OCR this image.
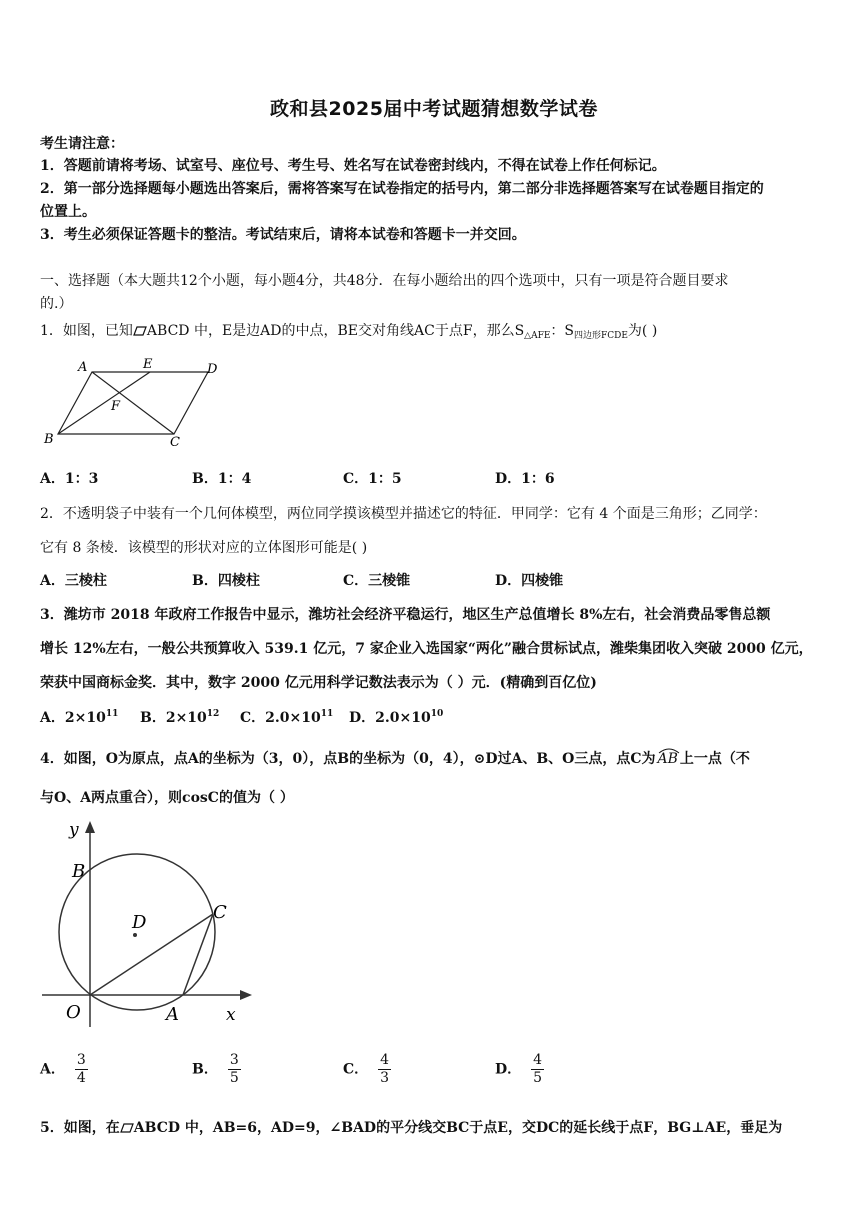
政和县2025届中考试题猜想数学试卷
考生请注意：
1．答题前请将考场、试室号、座位号、考生号、姓名写在试卷密封线内，不得在试卷上作任何标记。
2．第一部分选择题每小题选出答案后，需将答案写在试卷指定的括号内，第二部分非选择题答案写在试卷题目指定的
位置上。
3．考生必须保证答题卡的整洁。考试结束后，请将本试卷和答题卡一并交回。
一、选择题（本大题共12个小题，每小题4分，共48分．在每小题给出的四个选项中，只有一项是符合题目要求
的.）
1．如图，已知 ABCD 中，E是边AD的中点，BE交对角线AC于点F，那么$S_{\triangle AFE}$：$S_{四边形FCDE}$为( )
A	E	D
F
B	C
A．1：3	B．1：4	C．1：5	D．1：6
2．不透明袋子中装有一个几何体模型，两位同学摸该模型并描述它的特征．甲同学：它有 4 个面是三角形；乙同学：
它有 8 条棱．该模型的形状对应的立体图形可能是( )
A．三棱柱	B．四棱柱	C．三棱锥	D．四棱锥
3．潍坊市 2018 年政府工作报告中显示，潍坊社会经济平稳运行，地区生产总值增长 8%左右，社会消费品零售总额
增长 12%左右，一般公共预算收入 539.1 亿元，7 家企业入选国家“两化”融合贯标试点，潍柴集团收入突破 2000 亿元，
荣获中国商标金奖．其中，数字 2000 亿元用科学记数法表示为（ ）元．(精确到百亿位)
A．$2\times 10^{11}$ B．$2\times 10^{12}$ C．$2.0\times 10^{11}$ D．$2.0\times 10^{10}$
4．如图，O为原点，点A的坐标为（3，0），点B的坐标为（0，4），⊙D过A、B、O三点，点C为 AB 上一点（不
与O、A两点重合），则cosC的值为（ ）
y
B
D	C
O	A	x
A． $\frac{3}{4}$	B． $\frac{3}{5}$	C． $\frac{4}{3}$	D． $\frac{4}{5}$
5．如图，在 ABCD 中，AB=6，AD=9，∠BAD的平分线交BC于点E，交DC的延长线于点F，BG⊥AE，垂足为
